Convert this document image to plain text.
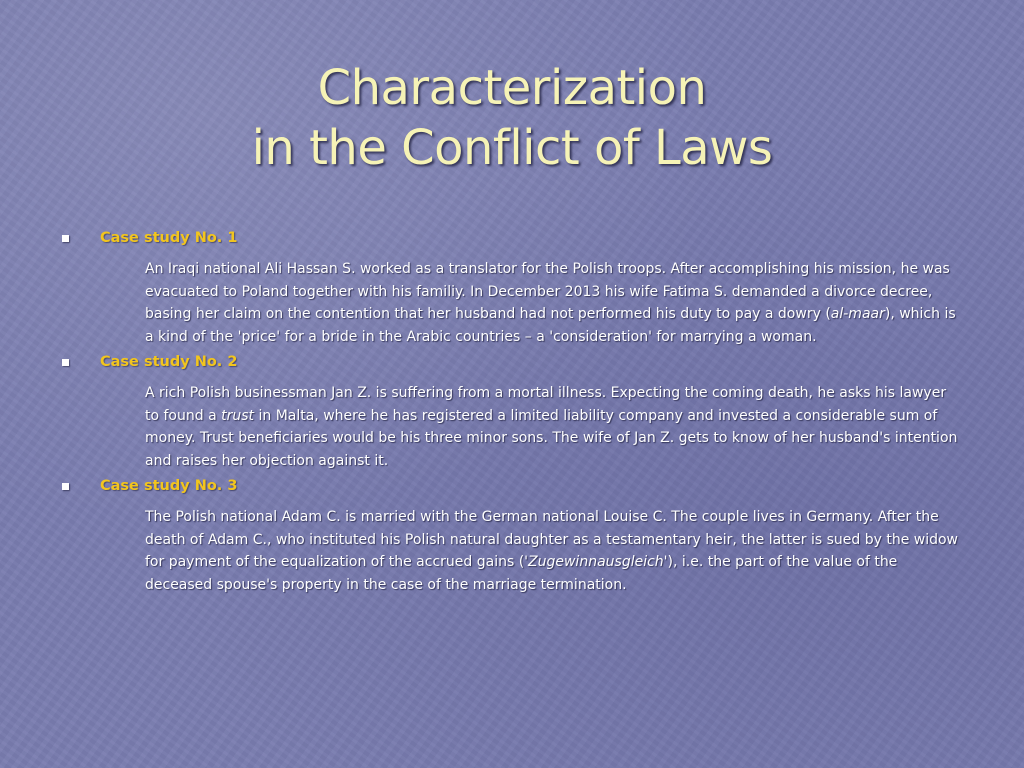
Characterization
in the Conflict of Laws
Case study No. 1
An Iraqi national Ali Hassan S. worked as a translator for the Polish troops. After accomplishing his mission, he was evacuated to Poland together with his familiy. In December 2013 his wife Fatima S. demanded a divorce decree, basing her claim on the contention that her husband had not performed his duty to pay a dowry (al-maar), which is a kind of the 'price' for a bride in the Arabic countries – a 'consideration' for marrying a woman.
Case study No. 2
A rich Polish businessman Jan Z. is suffering from a mortal illness. Expecting the coming death, he asks his lawyer to found a trust in Malta, where he has registered a limited liability company and invested a considerable sum of money. Trust beneficiaries would be his three minor sons. The wife of Jan Z. gets to know of her husband's intention and raises her objection against it.
Case study No. 3
The Polish national Adam C. is married with the German national Louise C. The couple lives in Germany. After the death of Adam C., who instituted his Polish natural daughter as a testamentary heir, the latter is sued by the widow for payment of the equalization of the accrued gains ('Zugewinnausgleich'), i.e. the part of the value of the deceased spouse's property in the case of the marriage termination.
